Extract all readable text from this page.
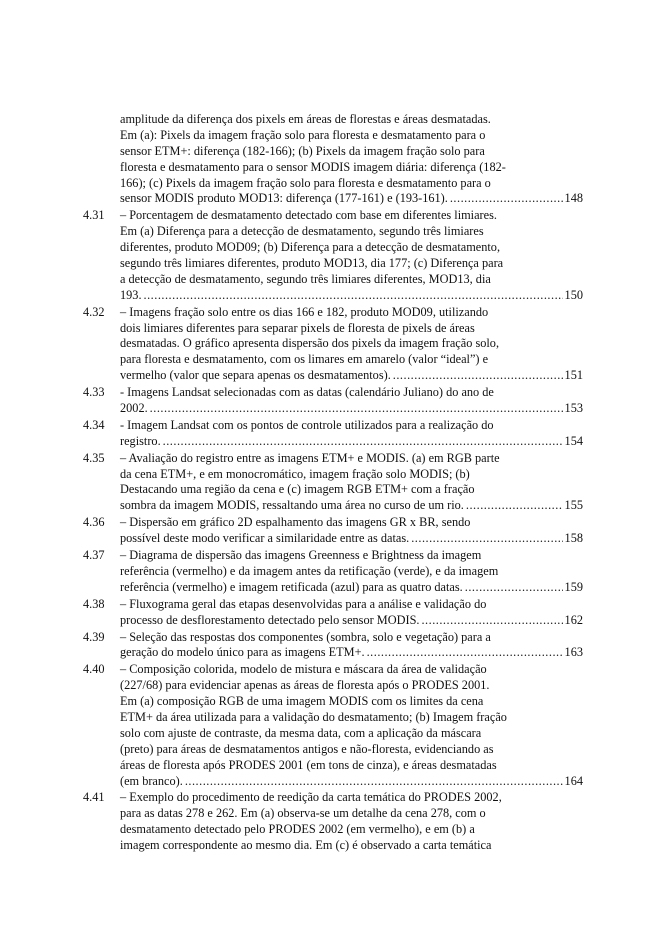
amplitude da diferença dos pixels em áreas de florestas e áreas desmatadas.
Em (a): Pixels da imagem fração solo para floresta e desmatamento para o
sensor ETM+: diferença (182-166); (b) Pixels da imagem fração solo para
floresta e desmatamento para o sensor MODIS imagem diária: diferença (182-
166); (c) Pixels da imagem fração solo para floresta e desmatamento para o
sensor MODIS produto MOD13: diferença (177-161) e (193-161). .....	148
4.31 – Porcentagem de desmatamento detectado com base em diferentes limiares.
Em (a) Diferença para a detecção de desmatamento, segundo três limiares
diferentes, produto MOD09; (b) Diferença para a detecção de desmatamento,
segundo três limiares diferentes, produto MOD13, dia 177; (c) Diferença para
a detecção de desmatamento, segundo três limiares diferentes, MOD13, dia
193. .....	150
4.32 – Imagens fração solo entre os dias 166 e 182, produto MOD09, utilizando
dois limiares diferentes para separar pixels de floresta de pixels de áreas
desmatadas. O gráfico apresenta dispersão dos pixels da imagem fração solo,
para floresta e desmatamento, com os limares em amarelo (valor “ideal”) e
vermelho (valor que separa apenas os desmatamentos). .....	151
4.33 - Imagens Landsat selecionadas com as datas (calendário Juliano) do ano de
2002. .....	153
4.34 - Imagem Landsat com os pontos de controle utilizados para a realização do
registro. .....	154
4.35 – Avaliação do registro entre as imagens ETM+ e MODIS. (a) em RGB parte
da cena ETM+, e em monocromático, imagem fração solo MODIS; (b)
Destacando uma região da cena e (c) imagem RGB ETM+ com a fração
sombra da imagem MODIS, ressaltando uma área no curso de um rio. .....	155
4.36 – Dispersão em gráfico 2D espalhamento das imagens GR x BR, sendo
possível deste modo verificar a similaridade entre as datas. .....	158
4.37 – Diagrama de dispersão das imagens Greenness e Brightness da imagem
referência (vermelho) e da imagem antes da retificação (verde), e da imagem
referência (vermelho) e imagem retificada (azul) para as quatro datas. .....	159
4.38 – Fluxograma geral das etapas desenvolvidas para a análise e validação do
processo de desflorestamento detectado pelo sensor MODIS. .....	162
4.39 – Seleção das respostas dos componentes (sombra, solo e vegetação) para a
geração do modelo único para as imagens ETM+. .....	163
4.40 – Composição colorida, modelo de mistura e máscara da área de validação
(227/68) para evidenciar apenas as áreas de floresta após o PRODES 2001.
Em (a) composição RGB de uma imagem MODIS com os limites da cena
ETM+ da área utilizada para a validação do desmatamento; (b) Imagem fração
solo com ajuste de contraste, da mesma data, com a aplicação da máscara
(preto) para áreas de desmatamentos antigos e não-floresta, evidenciando as
áreas de floresta após PRODES 2001 (em tons de cinza), e áreas desmatadas
(em branco). .....	164
4.41 – Exemplo do procedimento de reedição da carta temática do PRODES 2002,
para as datas 278 e 262. Em (a) observa-se um detalhe da cena 278, com o
desmatamento detectado pelo PRODES 2002 (em vermelho), e em (b) a
imagem correspondente ao mesmo dia. Em (c) é observado a carta temática
